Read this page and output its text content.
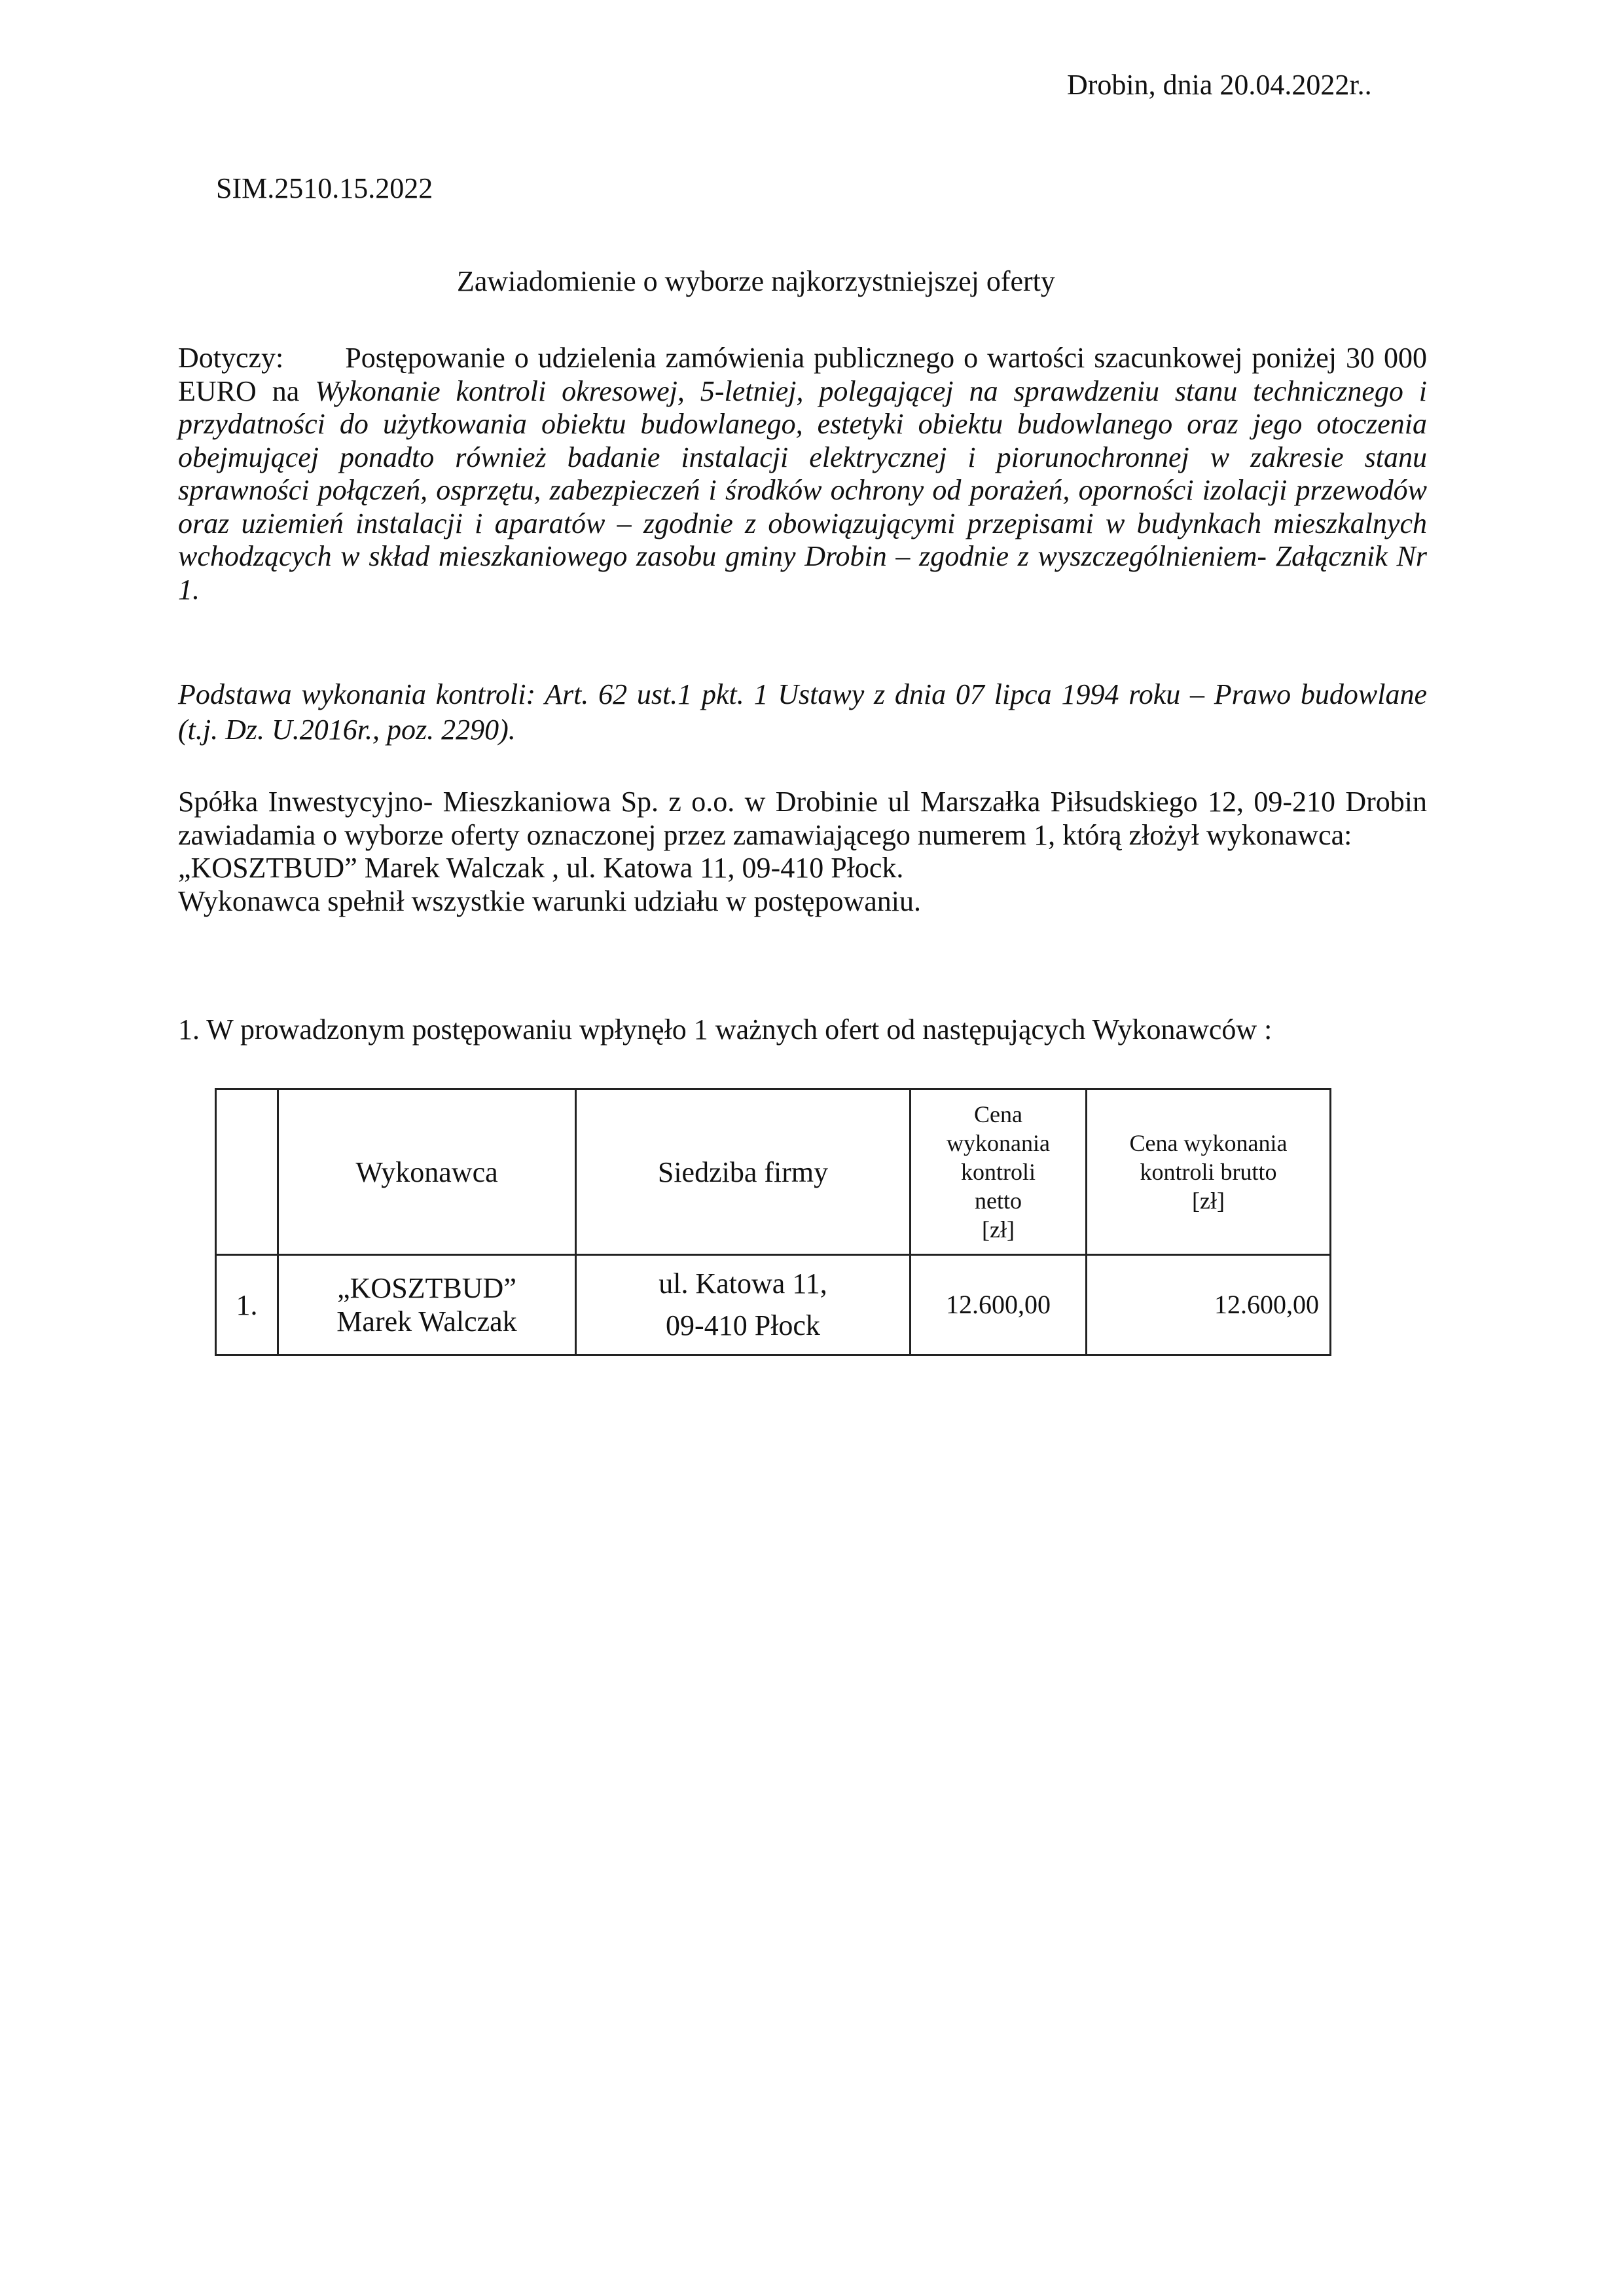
Drobin, dnia 20.04.2022r..
SIM.2510.15.2022
Zawiadomienie o wyborze najkorzystniejszej oferty
Dotyczy: Postępowanie o udzielenia zamówienia publicznego o wartości szacunkowej poniżej 30 000 EURO na Wykonanie kontroli okresowej, 5-letniej, polegającej na sprawdzeniu stanu technicznego i przydatności do użytkowania obiektu budowlanego, estetyki obiektu budowlanego oraz jego otoczenia obejmującej ponadto również badanie instalacji elektrycznej i piorunochronnej w zakresie stanu sprawności połączeń, osprzętu, zabezpieczeń i środków ochrony od porażeń, oporności izolacji przewodów oraz uziemień instalacji i aparatów – zgodnie z obowiązującymi przepisami w budynkach mieszkalnych wchodzących w skład mieszkaniowego zasobu gminy Drobin – zgodnie z wyszczególnieniem- Załącznik Nr 1.
Podstawa wykonania kontroli: Art. 62 ust.1 pkt. 1 Ustawy z dnia 07 lipca 1994 roku – Prawo budowlane (t.j. Dz. U.2016r., poz. 2290).

Spółka Inwestycyjno- Mieszkaniowa Sp. z o.o. w Drobinie ul Marszałka Piłsudskiego 12, 09-210 Drobin zawiadamia o wyborze oferty oznaczonej przez zamawiającego numerem 1, którą złożył wykonawca:

„KOSZTBUD” Marek Walczak , ul. Katowa 11, 09-410 Płock.

Wykonawca spełnił wszystkie warunki udziału w postępowaniu.

1. W prowadzonym postępowaniu wpłynęło 1 ważnych ofert od następujących Wykonawców :
	Wykonawca	Siedziba firmy	Cena
wykonania
kontroli
netto
[zł]	Cena wykonania
kontroli brutto
[zł]

1.	„KOSZTBUD”
Marek Walczak	ul. Katowa 11,
09-410 Płock	12.600,00	12.600,00
